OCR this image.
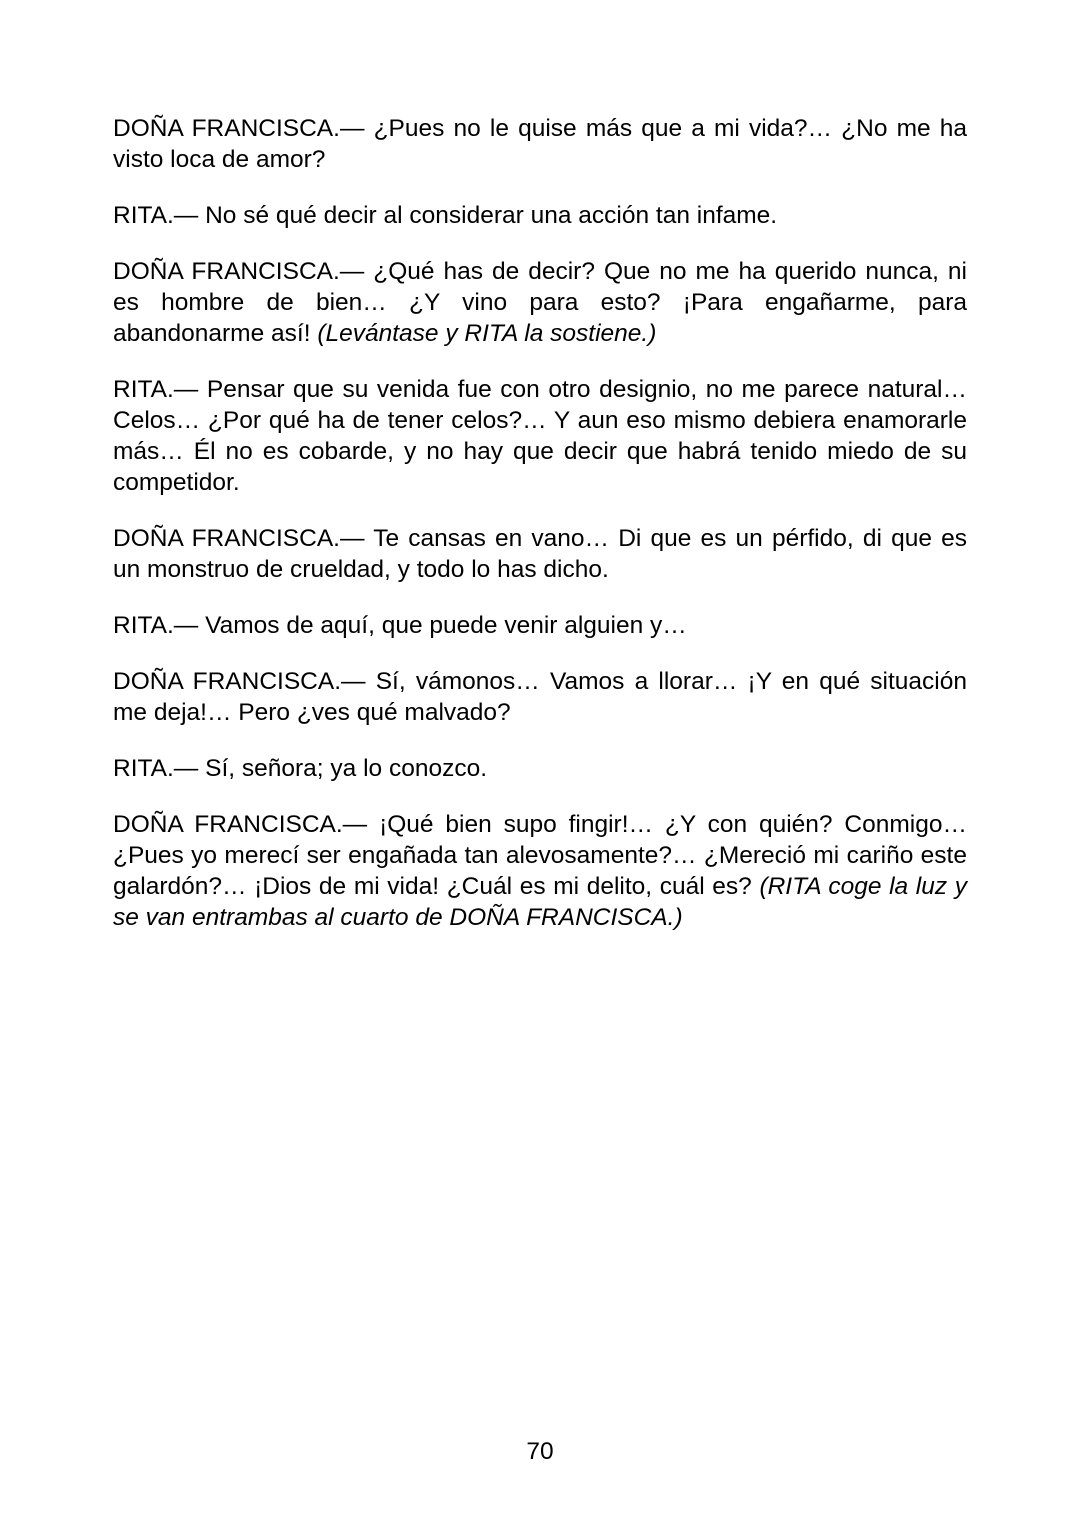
DOÑA FRANCISCA.— ¿Pues no le quise más que a mi vida?… ¿No me ha visto loca de amor?

RITA.— No sé qué decir al considerar una acción tan infame.

DOÑA FRANCISCA.— ¿Qué has de decir? Que no me ha querido nunca, ni es hombre de bien… ¿Y vino para esto? ¡Para engañarme, para abandonarme así! (Levántase y RITA la sostiene.)

RITA.— Pensar que su venida fue con otro designio, no me parece natural… Celos… ¿Por qué ha de tener celos?… Y aun eso mismo debiera enamorarle más… Él no es cobarde, y no hay que decir que habrá tenido miedo de su competidor.

DOÑA FRANCISCA.— Te cansas en vano… Di que es un pérfido, di que es un monstruo de crueldad, y todo lo has dicho.

RITA.— Vamos de aquí, que puede venir alguien y…

DOÑA FRANCISCA.— Sí, vámonos… Vamos a llorar… ¡Y en qué situación me deja!… Pero ¿ves qué malvado?

RITA.— Sí, señora; ya lo conozco.

DOÑA FRANCISCA.— ¡Qué bien supo fingir!… ¿Y con quién? Conmigo… ¿Pues yo merecí ser engañada tan alevosamente?… ¿Mereció mi cariño este galardón?… ¡Dios de mi vida! ¿Cuál es mi delito, cuál es? (RITA coge la luz y se van entrambas al cuarto de DOÑA FRANCISCA.)

70
